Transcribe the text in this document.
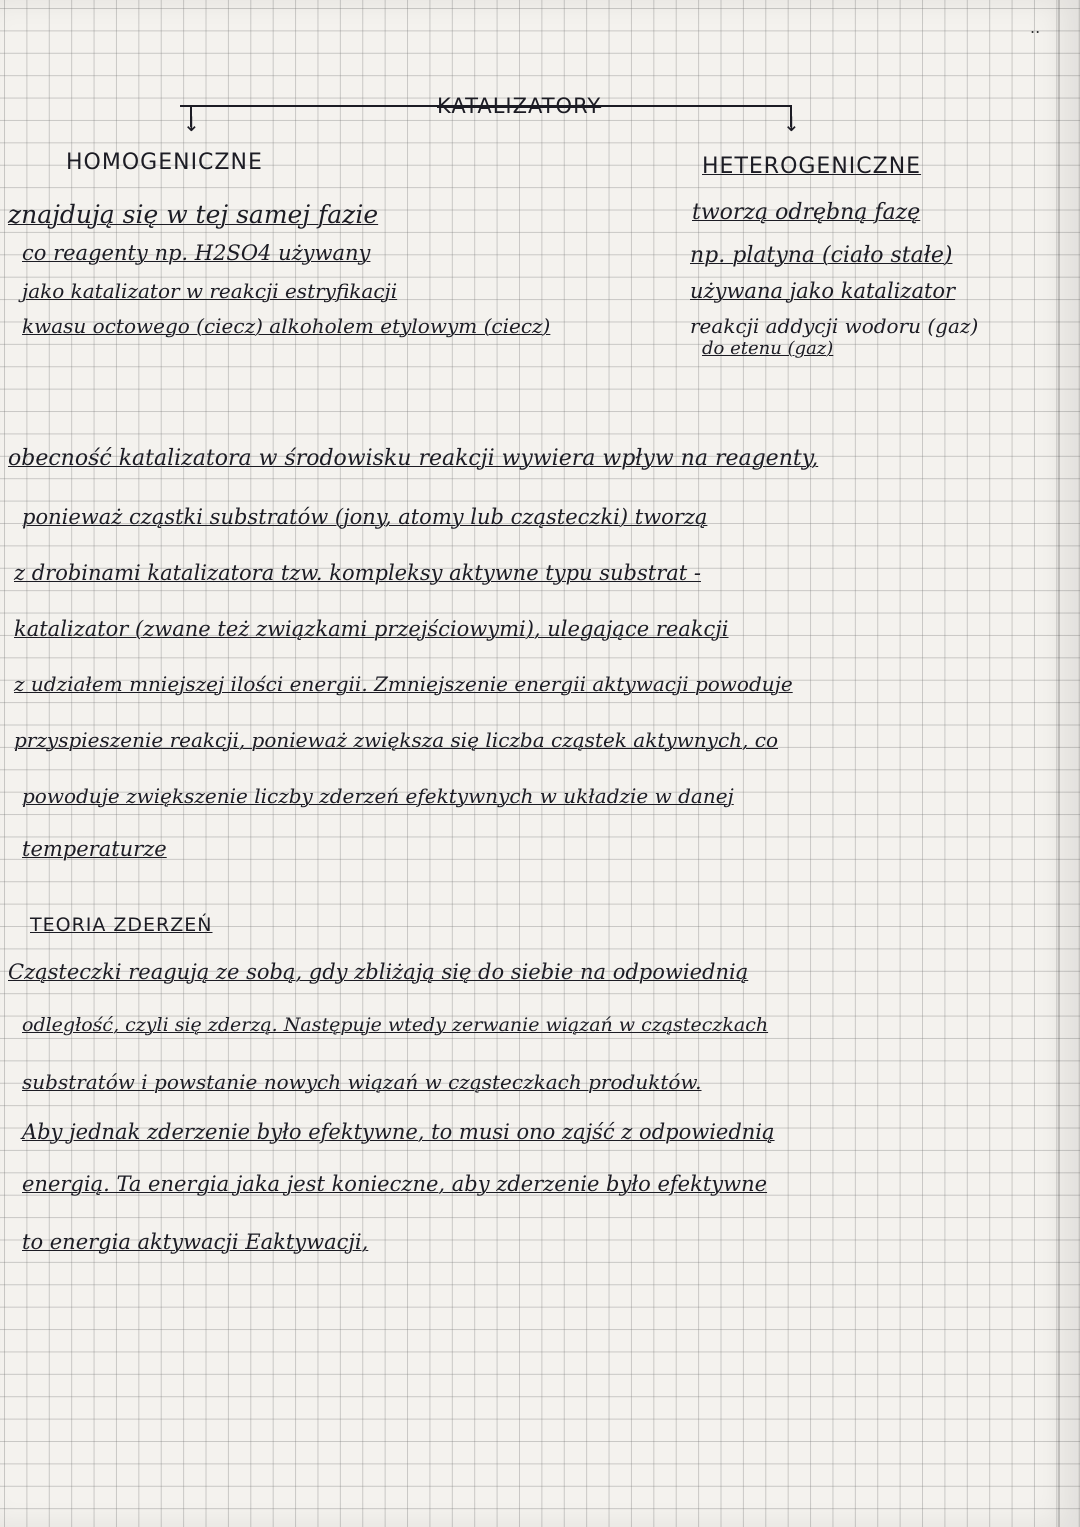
..
↓	↓
KATALIZATORY
HOMOGENICZNE	HETEROGENICZNE
znajdują się w tej samej fazie
co reagenty np. H2SO4 używany
jako katalizator w reakcji estryfikacji
kwasu octowego (ciecz) alkoholem etylowym (ciecz)
tworzą odrębną fazę
np. platyna (ciało stałe)
używana jako katalizator
reakcji addycji wodoru (gaz)
do etenu (gaz)
obecność katalizatora w środowisku reakcji wywiera wpływ na reagenty,
ponieważ cząstki substratów (jony, atomy lub cząsteczki) tworzą
z drobinami katalizatora tzw. kompleksy aktywne typu substrat -
katalizator (zwane też związkami przejściowymi), ulegające reakcji
z udziałem mniejszej ilości energii. Zmniejszenie energii aktywacji powoduje
przyspieszenie reakcji, ponieważ zwiększa się liczba cząstek aktywnych, co
powoduje zwiększenie liczby zderzeń efektywnych w układzie w danej
temperaturze
TEORIA ZDERZEŃ
Cząsteczki reagują ze sobą, gdy zbliżają się do siebie na odpowiednią
odległość, czyli się zderzą. Następuje wtedy zerwanie wiązań w cząsteczkach
substratów i powstanie nowych wiązań w cząsteczkach produktów.
Aby jednak zderzenie było efektywne, to musi ono zajść z odpowiednią
energią. Ta energia jaka jest konieczne, aby zderzenie było efektywne
to energia aktywacji Eaktywacji,
